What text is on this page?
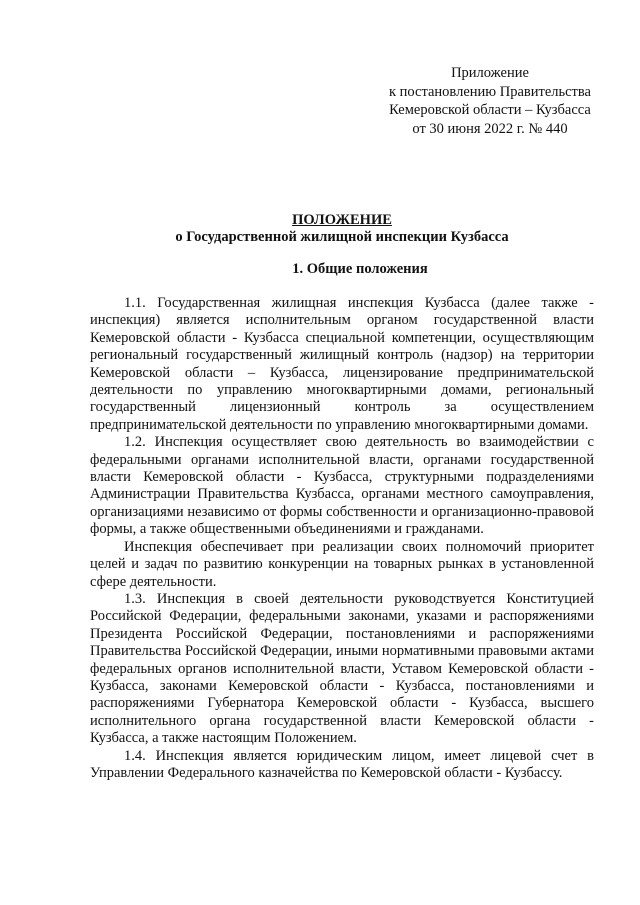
Приложение
к постановлению Правительства
Кемеровской области – Кузбасса
от 30 июня 2022 г. № 440
ПОЛОЖЕНИЕ
о Государственной жилищной инспекции Кузбасса
1. Общие положения

1.1. Государственная жилищная инспекция Кузбасса (далее также - инспекция) является исполнительным органом государственной власти Кемеровской области - Кузбасса специальной компетенции, осуществляющим региональный государственный жилищный контроль (надзор) на территории Кемеровской области – Кузбасса, лицензирование предпринимательской деятельности по управлению многоквартирными домами, региональный государственный лицензионный контроль за осуществлением предпринимательской деятельности по управлению многоквартирными домами.

1.2. Инспекция осуществляет свою деятельность во взаимодействии с федеральными органами исполнительной власти, органами государственной власти Кемеровской области - Кузбасса, структурными подразделениями Администрации Правительства Кузбасса, органами местного самоуправления, организациями независимо от формы собственности и организационно-правовой формы, а также общественными объединениями и гражданами.

Инспекция обеспечивает при реализации своих полномочий приоритет целей и задач по развитию конкуренции на товарных рынках в установленной сфере деятельности.

1.3. Инспекция в своей деятельности руководствуется Конституцией Российской Федерации, федеральными законами, указами и распоряжениями Президента Российской Федерации, постановлениями и распоряжениями Правительства Российской Федерации, иными нормативными правовыми актами федеральных органов исполнительной власти, Уставом Кемеровской области - Кузбасса, законами Кемеровской области - Кузбасса, постановлениями и распоряжениями Губернатора Кемеровской области - Кузбасса, высшего исполнительного органа государственной власти Кемеровской области - Кузбасса, а также настоящим Положением.

1.4. Инспекция является юридическим лицом, имеет лицевой счет в Управлении Федерального казначейства по Кемеровской области - Кузбассу.
